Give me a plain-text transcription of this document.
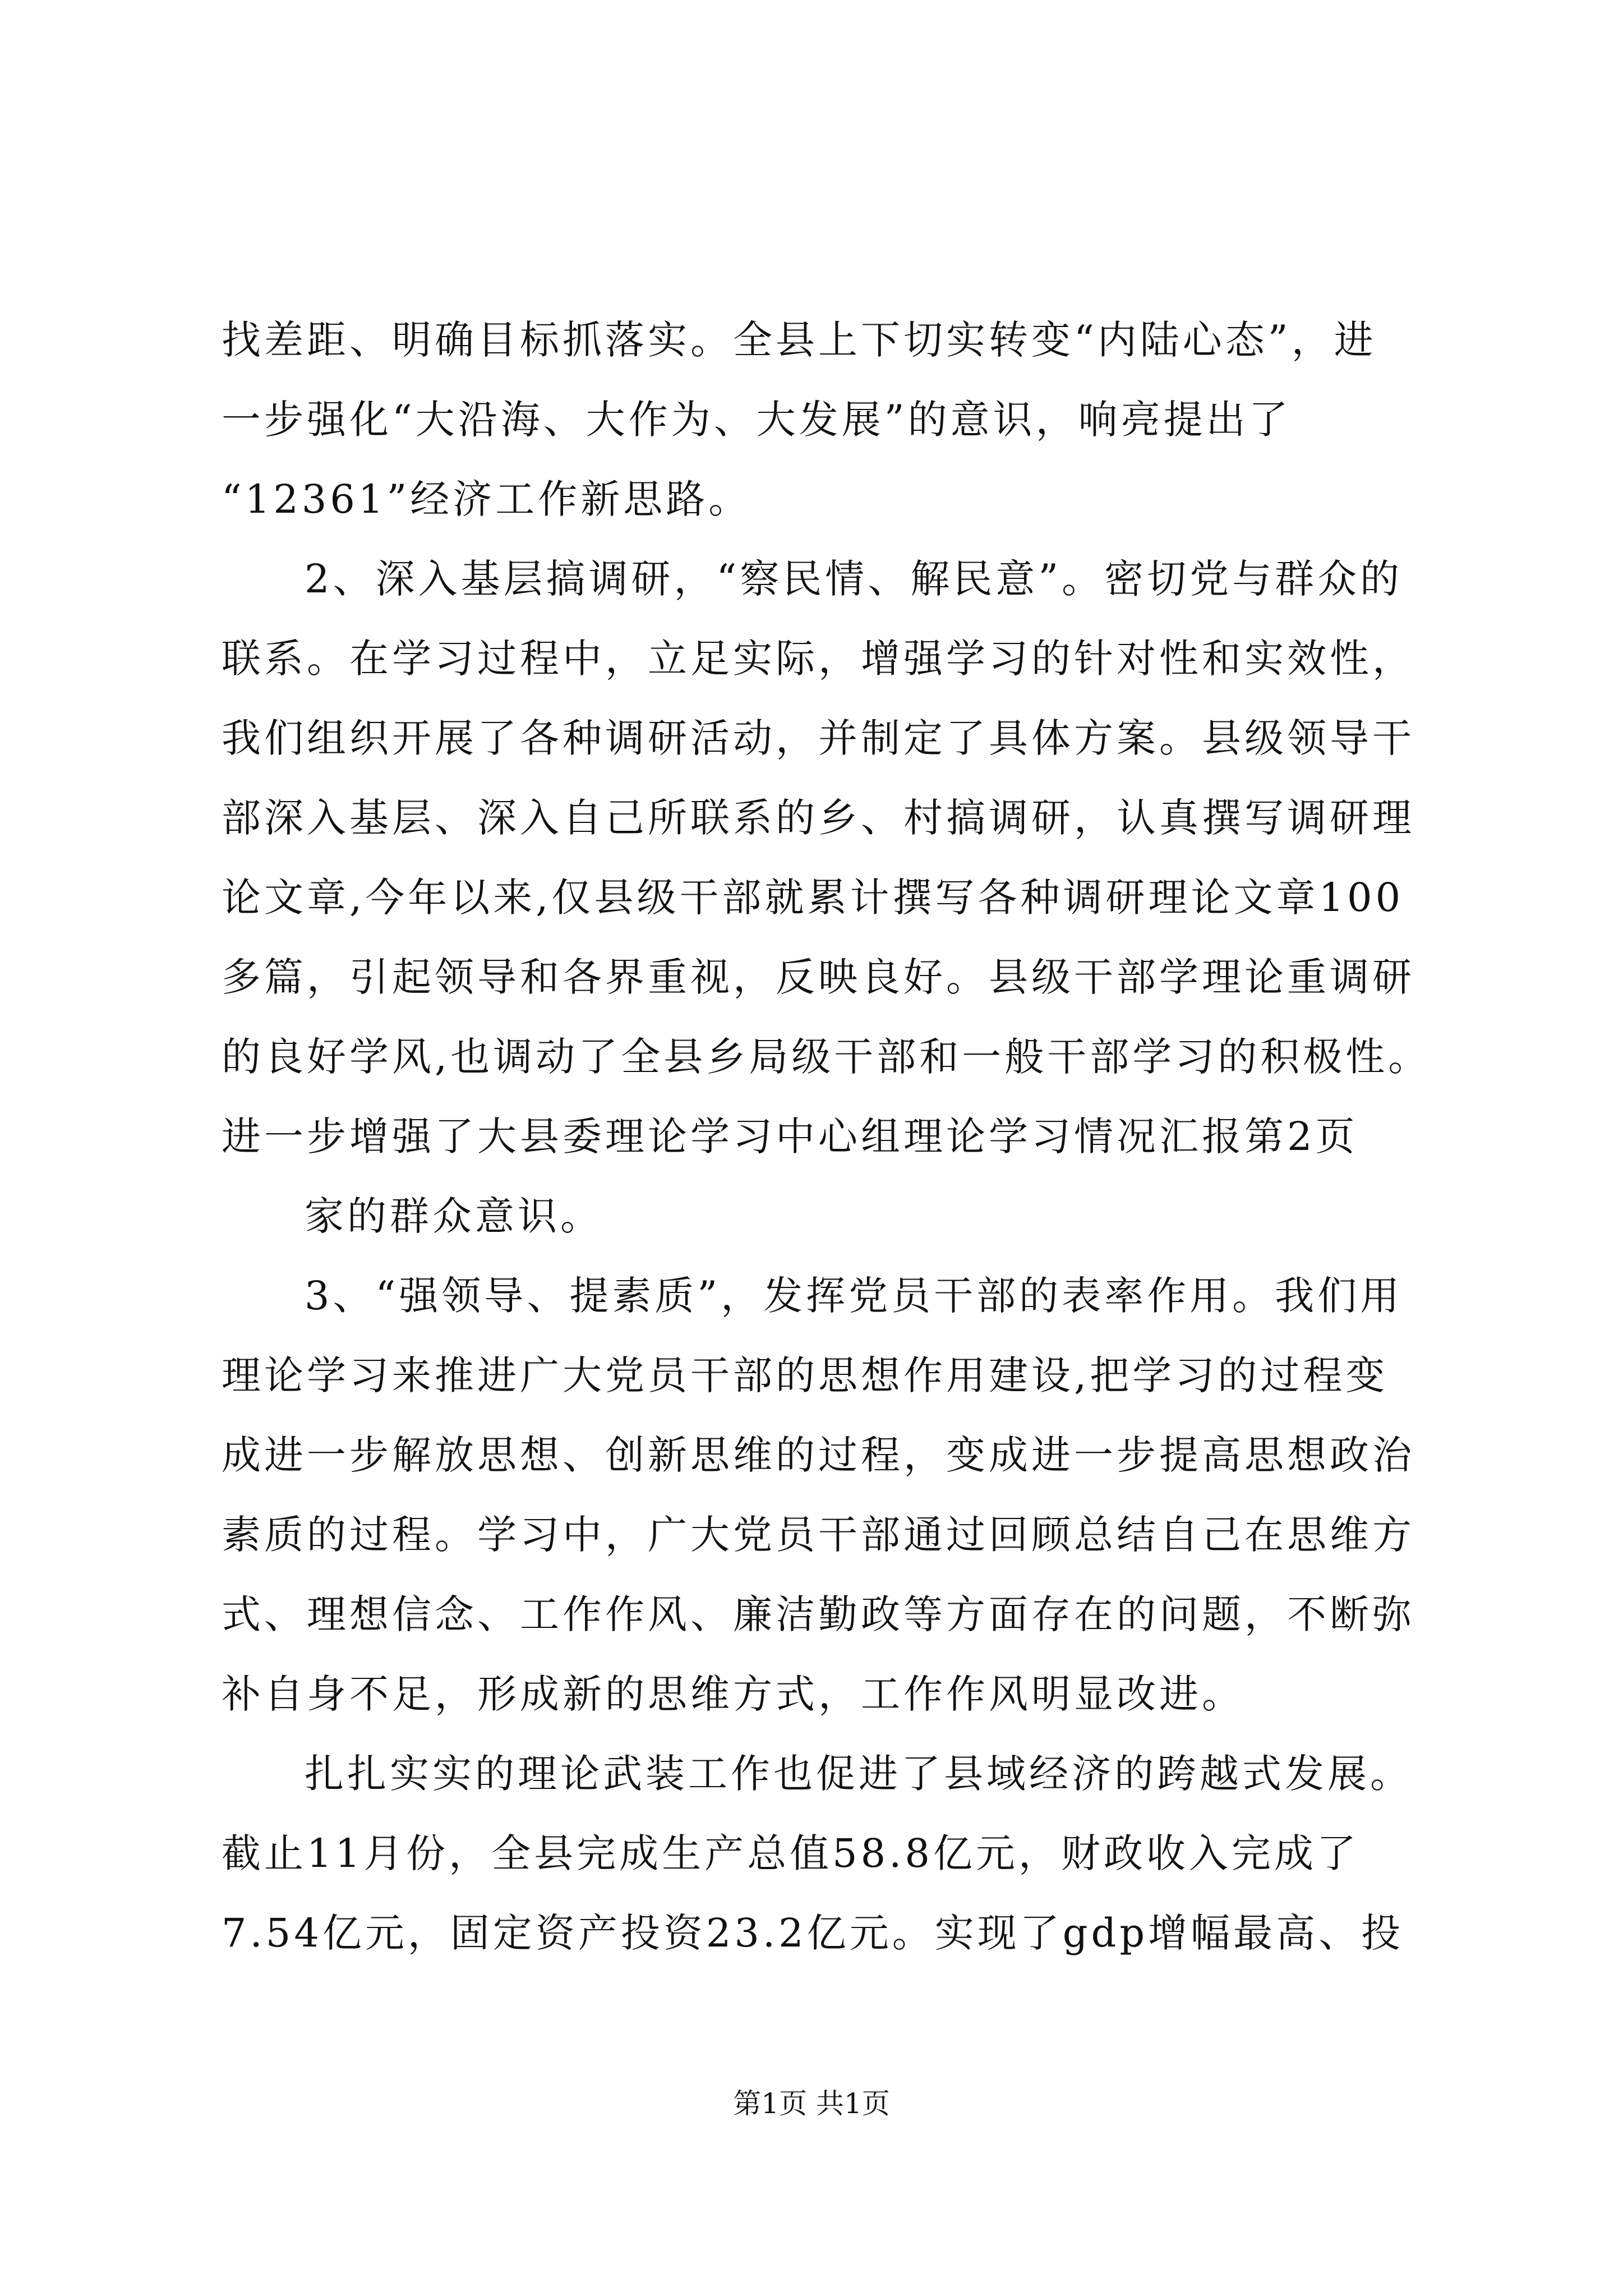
找差距、明确目标抓落实。全县上下切实转变“内陆心态”，进
一步强化“大沿海、大作为、大发展”的意识，响亮提出了
“12361”经济工作新思路。
2、深入基层搞调研，“察民情、解民意”。密切党与群众的
联系。在学习过程中，立足实际，增强学习的针对性和实效性，
我们组织开展了各种调研活动，并制定了具体方案。县级领导干
部深入基层、深入自己所联系的乡、村搞调研，认真撰写调研理
论文章,今年以来,仅县级干部就累计撰写各种调研理论文章100
多篇，引起领导和各界重视，反映良好。县级干部学理论重调研
的良好学风,也调动了全县乡局级干部和一般干部学习的积极性。
进一步增强了大县委理论学习中心组理论学习情况汇报第2页
家的群众意识。
3、“强领导、提素质”，发挥党员干部的表率作用。我们用
理论学习来推进广大党员干部的思想作用建设,把学习的过程变
成进一步解放思想、创新思维的过程，变成进一步提高思想政治
素质的过程。学习中，广大党员干部通过回顾总结自己在思维方
式、理想信念、工作作风、廉洁勤政等方面存在的问题，不断弥
补自身不足，形成新的思维方式，工作作风明显改进。
扎扎实实的理论武装工作也促进了县域经济的跨越式发展。
截止11月份，全县完成生产总值58.8亿元，财政收入完成了
7.54亿元，固定资产投资23.2亿元。实现了gdp增幅最高、投
第1页 共1页
